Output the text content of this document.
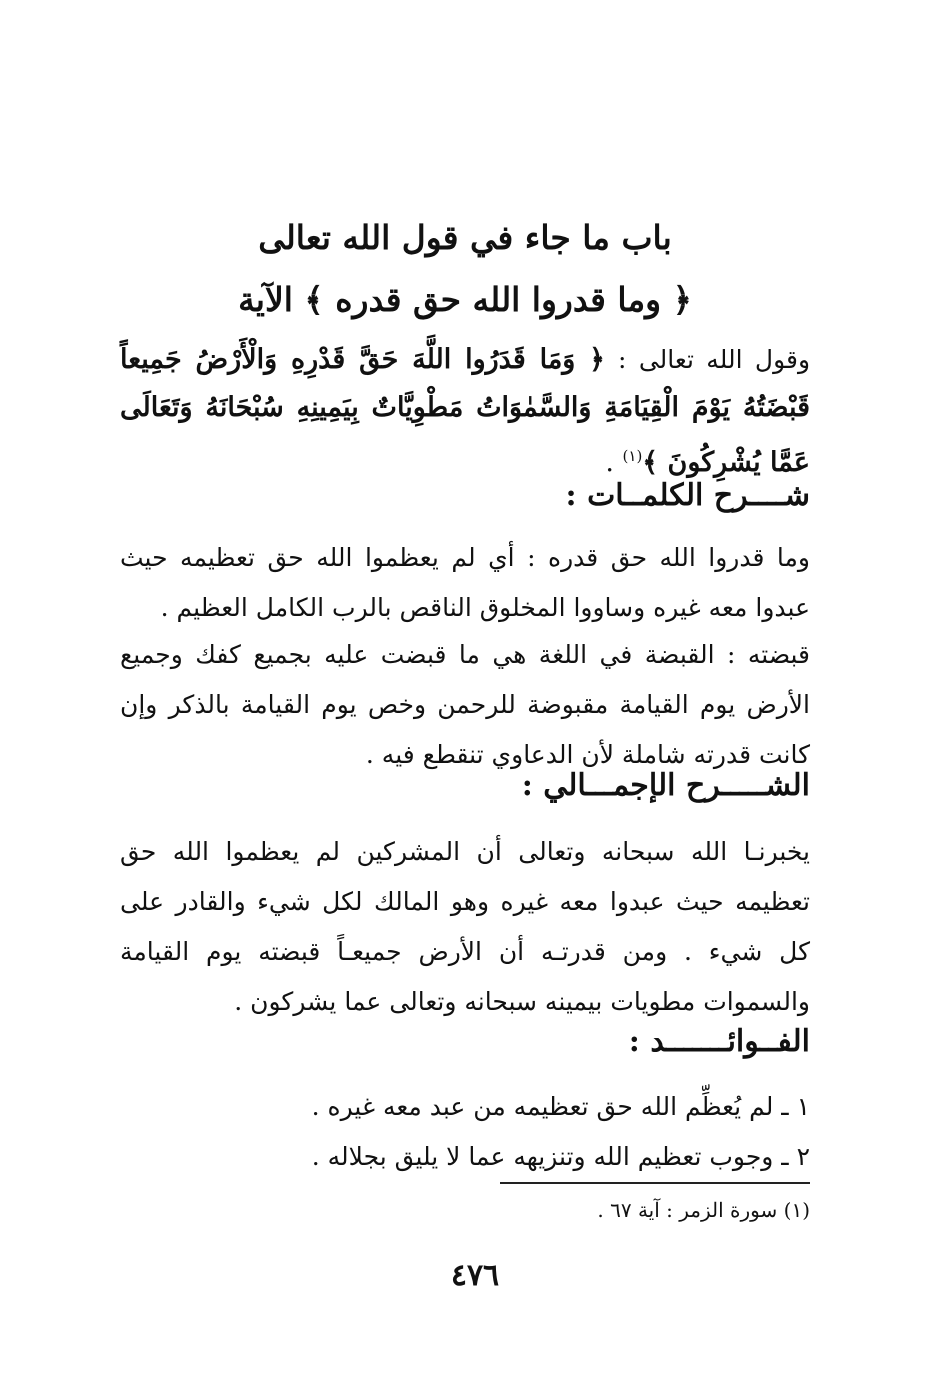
باب ما جاء في قول الله تعالى
﴿ وما قدروا الله حق قدره ﴾ الآية
وقول الله تعالى : ﴿ وَمَا قَدَرُوا اللَّهَ حَقَّ قَدْرِهِ وَالْأَرْضُ جَمِيعاً قَبْضَتُهُ يَوْمَ الْقِيَامَةِ وَالسَّمٰوَاتُ مَطْوِيَّاتٌ بِيَمِينِهِ سُبْحَانَهُ وَتَعَالَى عَمَّا يُشْرِكُونَ ﴾$^{(١)}$ .
شــــرح الكلمــات :
وما قدروا الله حق قدره : أي لم يعظموا الله حق تعظيمه حيث عبدوا معه غيره وساووا المخلوق الناقص بالرب الكامل العظيم .
قبضته : القبضة في اللغة هي ما قبضت عليه بجميع كفك وجميع الأرض يوم القيامة مقبوضة للرحمن وخص يوم القيامة بالذكر وإن كانت قدرته شاملة لأن الدعاوي تنقطع فيه .
الشـــــرح الإجمـــالي :
يخبرنـا الله سبحانه وتعالى أن المشركين لم يعظموا الله حق تعظيمه حيث عبدوا معه غيره وهو المالك لكل شيء والقادر على كل شيء . ومن قدرتـه أن الأرض جميعـاً قبضته يوم القيامة والسموات مطويات بيمينه سبحانه وتعالى عما يشركون .
الفــوائـــــــد :
١ ـ لم يُعظِّم الله حق تعظيمه من عبد معه غيره .
٢ ـ وجوب تعظيم الله وتنزيهه عما لا يليق بجلاله .
(١) سورة الزمر : آية ٦٧ .
٤٧٦
